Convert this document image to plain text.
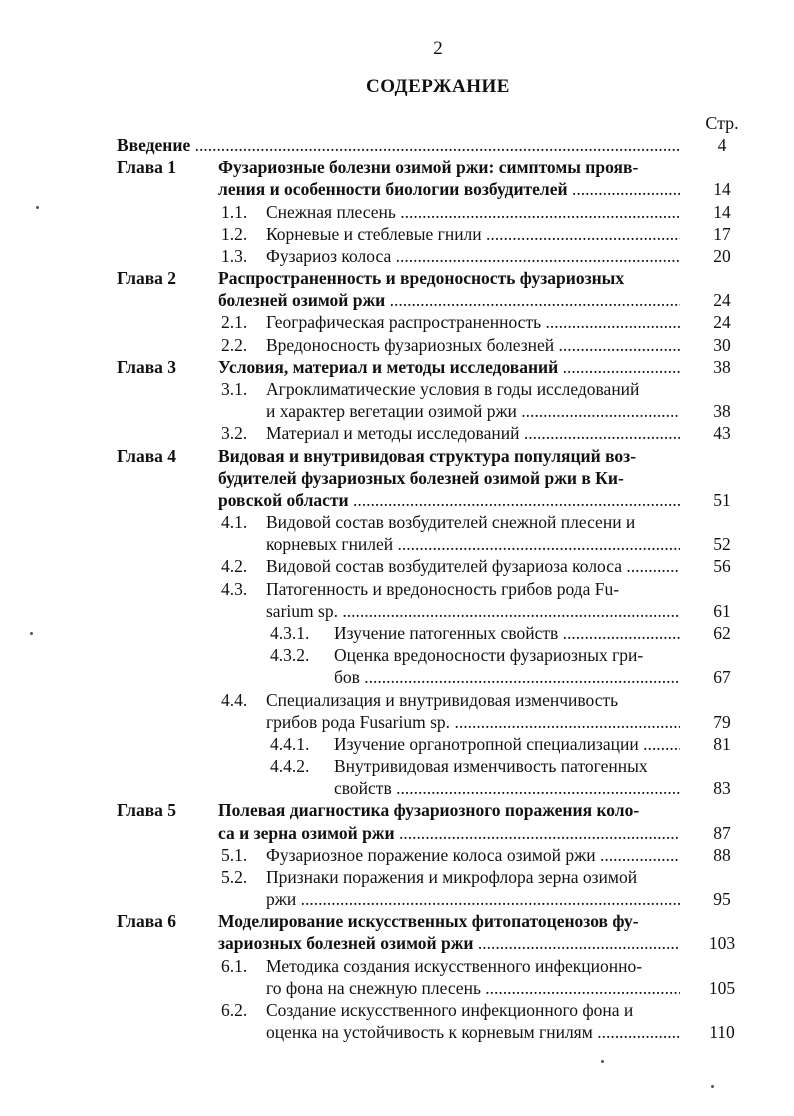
2
СОДЕРЖАНИЕ
Стр.
Введение .....	4
Глава 1 Фузариозные болезни озимой ржи: симптомы прояв-
ления и особенности биологии возбудителей .....	14
1.1. Снежная плесень .....	14
1.2. Корневые и стеблевые гнили .....	17
1.3. Фузариоз колоса .....	20
Глава 2 Распространенность и вредоносность фузариозных
болезней озимой ржи .....	24
2.1. Географическая распространенность .....	24
2.2. Вредоносность фузариозных болезней .....	30
Глава 3 Условия, материал и методы исследований .....	38
3.1. Агроклиматические условия в годы исследований
и характер вегетации озимой ржи .....	38
3.2. Материал и методы исследований .....	43
Глава 4 Видовая и внутривидовая структура популяций воз-
будителей фузариозных болезней озимой ржи в Ки-
ровской области .....	51
4.1. Видовой состав возбудителей снежной плесени и
корневых гнилей .....	52
4.2. Видовой состав возбудителей фузариоза колоса .....	56
4.3. Патогенность и вредоносность грибов рода Fu-
sarium sp. .....	61
4.3.1. Изучение патогенных свойств .....	62
4.3.2. Оценка вредоносности фузариозных гри-
бов .....	67
4.4. Специализация и внутривидовая изменчивость
грибов рода Fusarium sp. .....	79
4.4.1. Изучение органотропной специализации .....	81
4.4.2. Внутривидовая изменчивость патогенных
свойств .....	83
Глава 5 Полевая диагностика фузариозного поражения коло-
са и зерна озимой ржи .....	87
5.1. Фузариозное поражение колоса озимой ржи .....	88
5.2. Признаки поражения и микрофлора зерна озимой
ржи .....	95
Глава 6 Моделирование искусственных фитопатоценозов фу-
зариозных болезней озимой ржи .....	103
6.1. Методика создания искусственного инфекционно-
го фона на снежную плесень .....	105
6.2. Создание искусственного инфекционного фона и
оценка на устойчивость к корневым гнилям .....	110
